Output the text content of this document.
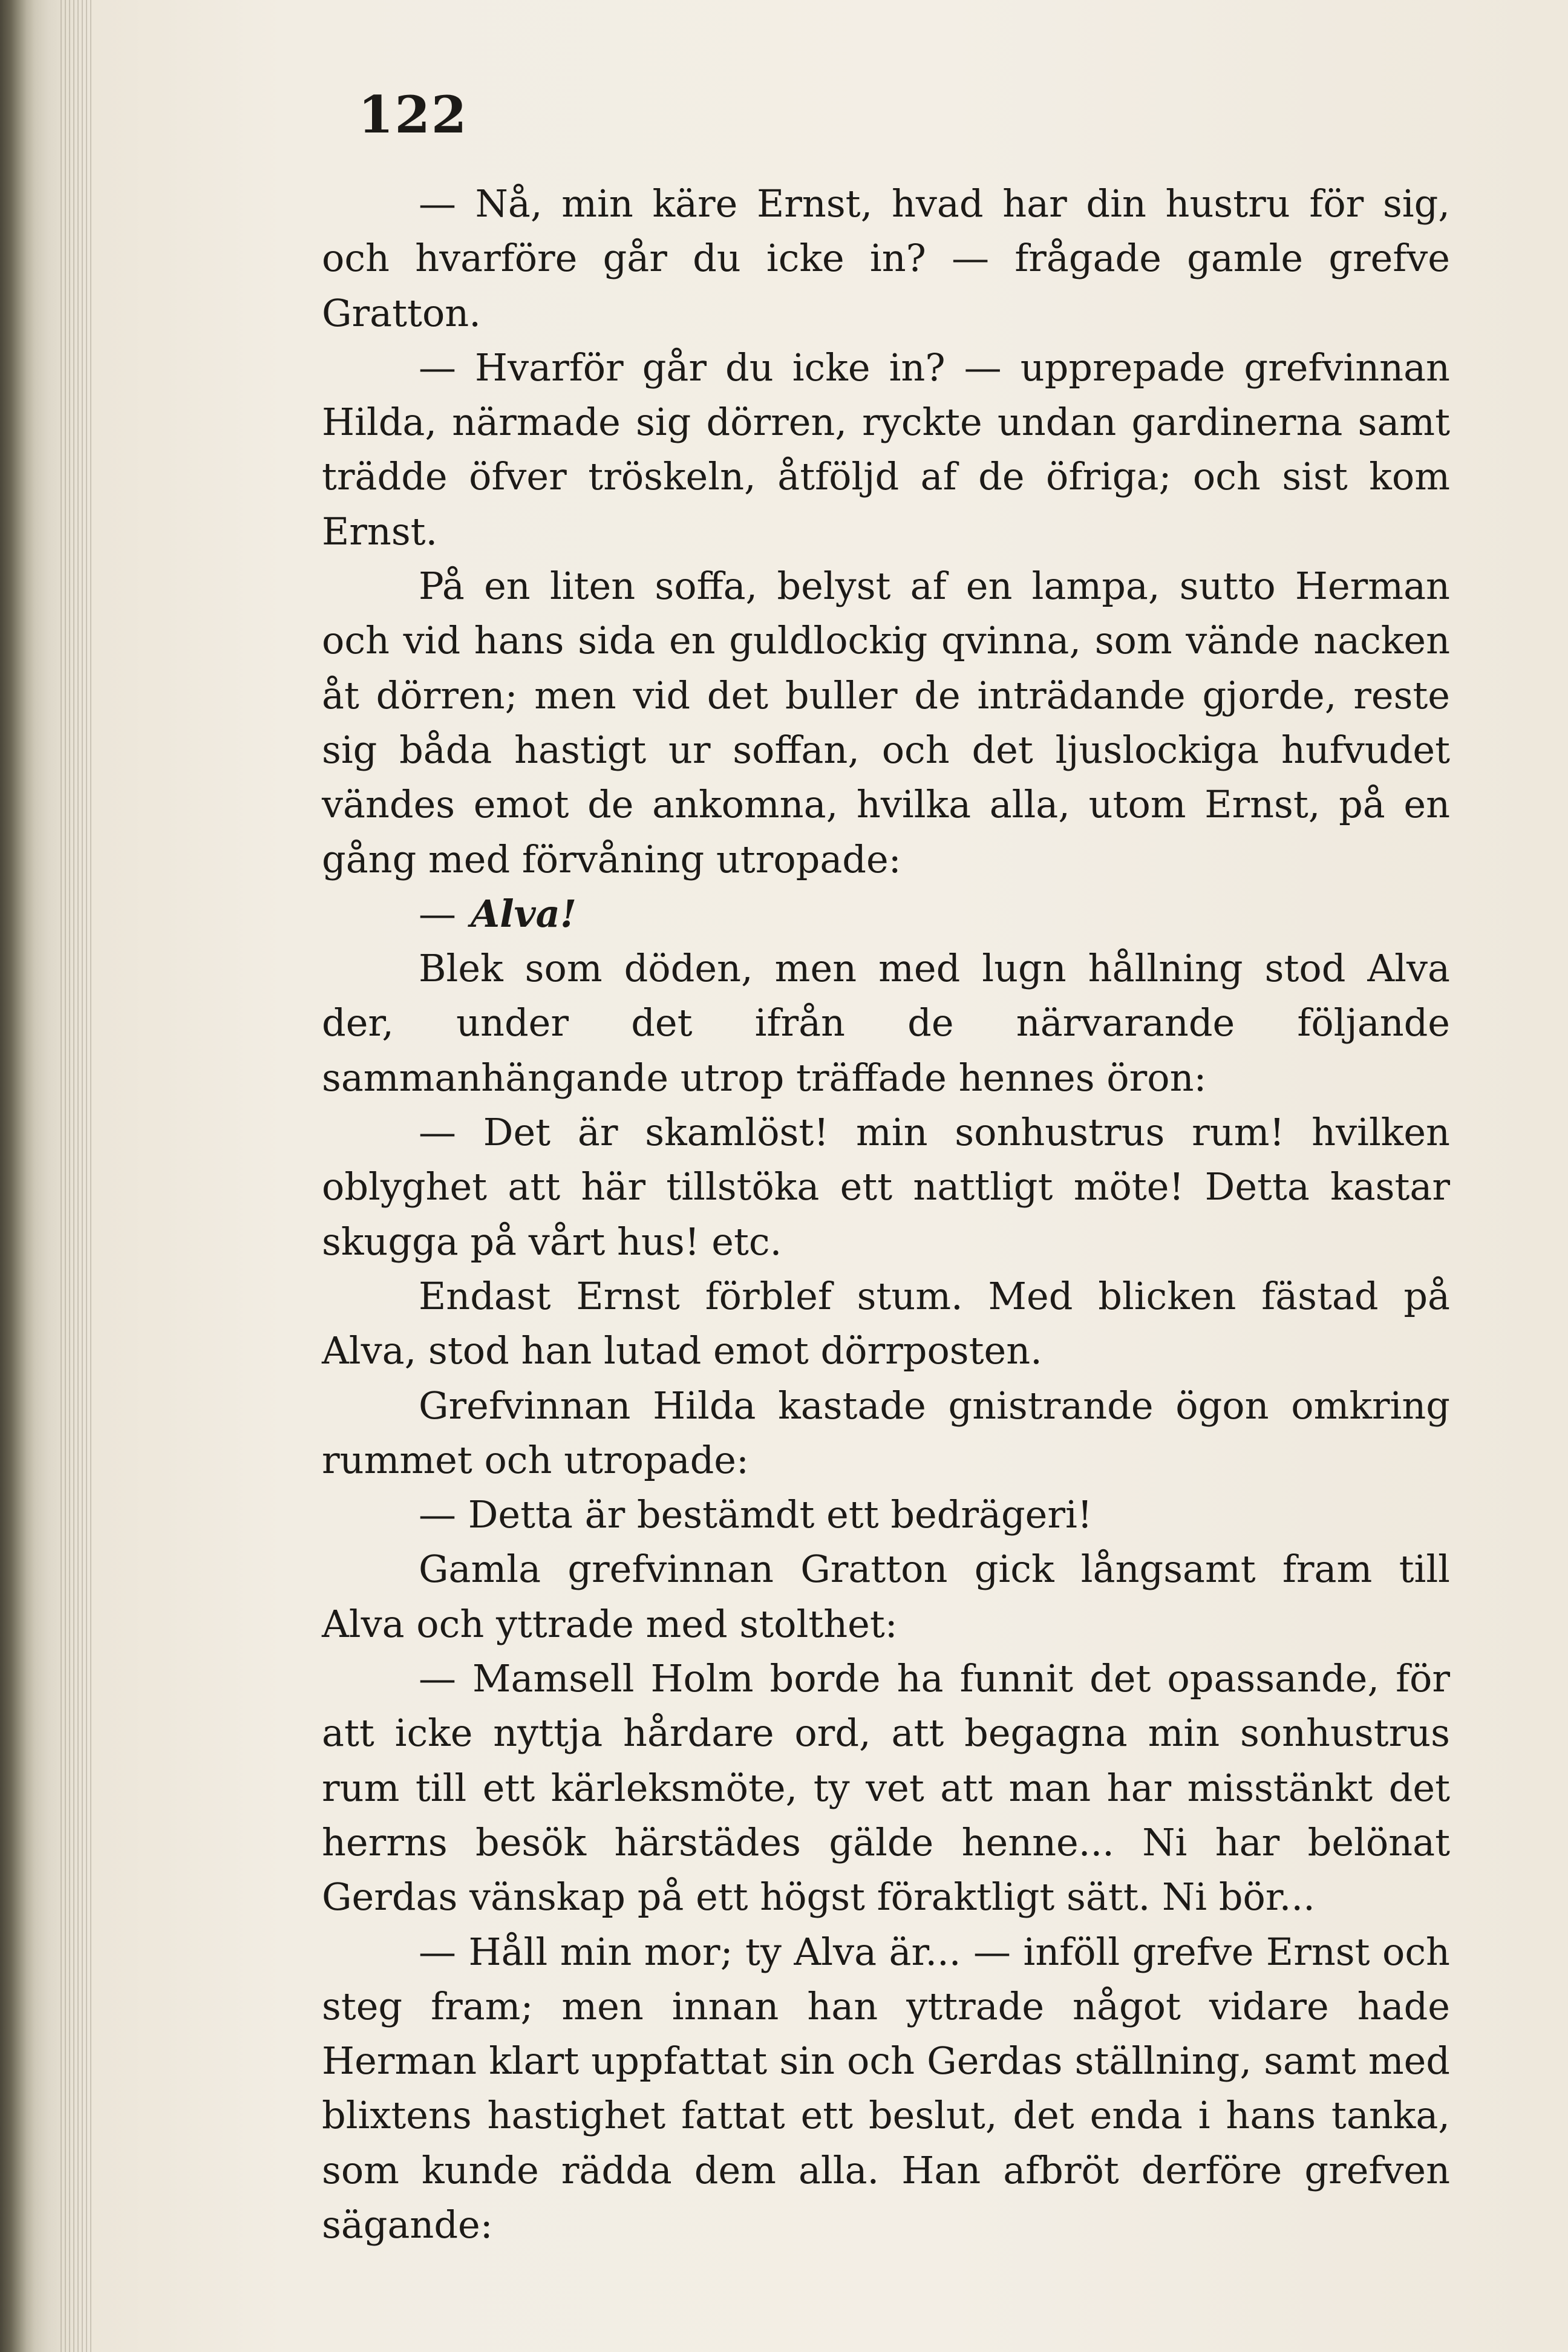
122

— Nå, min käre Ernst, hvad har din hustru för sig, och hvarföre går du icke in? — frågade gamle grefve Gratton.

— Hvarför går du icke in? — upprepade grefvinnan Hilda, närmade sig dörren, ryckte undan gardinerna samt trädde öfver tröskeln, åtföljd af de öfriga; och sist kom Ernst.

På en liten soffa, belyst af en lampa, sutto Herman och vid hans sida en guldlockig qvinna, som vände nacken åt dörren; men vid det buller de inträdande gjorde, reste sig båda hastigt ur soffan, och det ljuslockiga hufvudet vändes emot de ankomna, hvilka alla, utom Ernst, på en gång med förvåning utropade:

— Alva!

Blek som döden, men med lugn hållning stod Alva der, under det ifrån de närvarande följande sammanhängande utrop träffade hennes öron:

— Det är skamlöst! min sonhustrus rum! hvilken oblyghet att här tillstöka ett nattligt möte! Detta kastar skugga på vårt hus! etc.

Endast Ernst förblef stum. Med blicken fästad på Alva, stod han lutad emot dörrposten.

Grefvinnan Hilda kastade gnistrande ögon omkring rummet och utropade:

— Detta är bestämdt ett bedrägeri!

Gamla grefvinnan Gratton gick långsamt fram till Alva och yttrade med stolthet:

— Mamsell Holm borde ha funnit det opassande, för att icke nyttja hårdare ord, att begagna min sonhustrus rum till ett kärleksmöte, ty vet att man har misstänkt det herrns besök härstädes gälde henne... Ni har belönat Gerdas vänskap på ett högst föraktligt sätt. Ni bör...

— Håll min mor; ty Alva är... — inföll grefve Ernst och steg fram; men innan han yttrade något vidare hade Herman klart uppfattat sin och Gerdas ställning, samt med blixtens hastighet fattat ett beslut, det enda i hans tanka, som kunde rädda dem alla. Han afbröt derföre grefven sägande:
